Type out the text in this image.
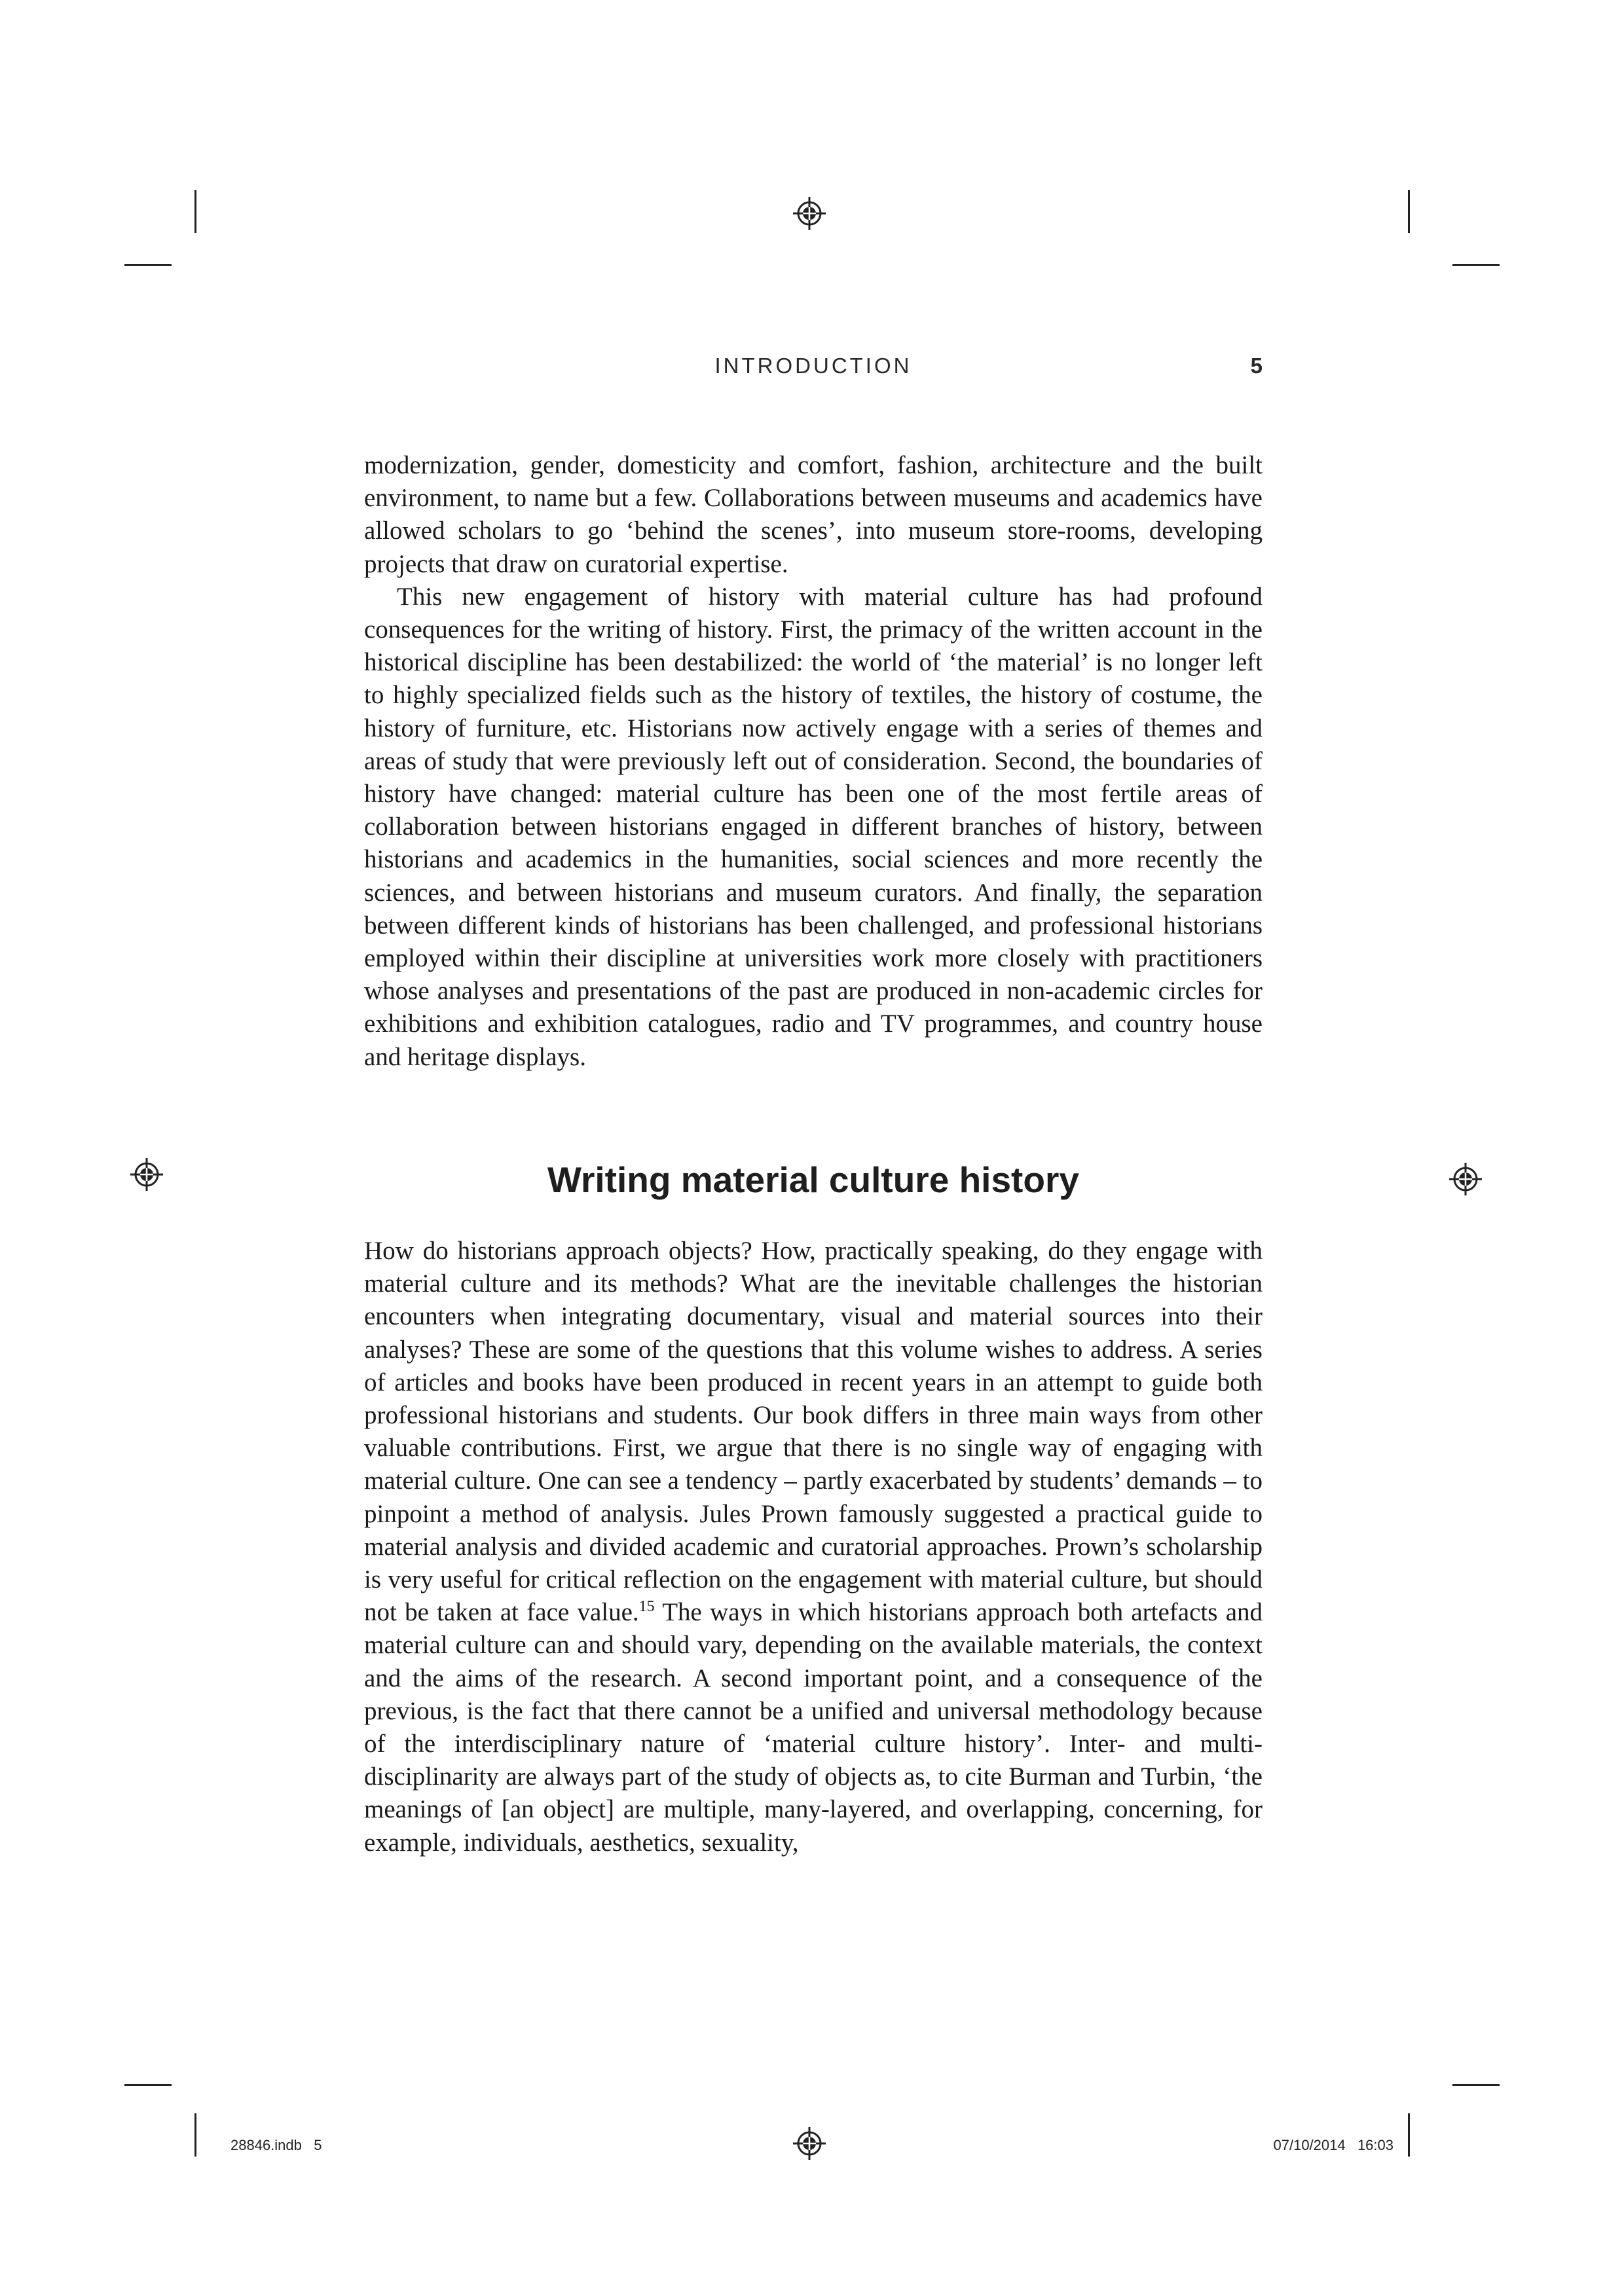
INTRODUCTION	5

modernization, gender, domesticity and comfort, fashion, architecture and the built environment, to name but a few. Collaborations between museums and academics have allowed scholars to go ‘behind the scenes’, into museum store-rooms, developing projects that draw on curatorial expertise.

This new engagement of history with material culture has had profound consequences for the writing of history. First, the primacy of the written account in the historical discipline has been destabilized: the world of ‘the material’ is no longer left to highly specialized fields such as the history of textiles, the history of costume, the history of furniture, etc. Historians now actively engage with a series of themes and areas of study that were previously left out of consideration. Second, the boundaries of history have changed: material culture has been one of the most fertile areas of collaboration between historians engaged in different branches of history, between historians and academics in the humanities, social sciences and more recently the sciences, and between historians and museum curators. And finally, the separation between different kinds of historians has been challenged, and professional historians employed within their discipline at universities work more closely with practitioners whose analyses and presentations of the past are produced in non-academic circles for exhibitions and exhibition catalogues, radio and TV programmes, and country house and heritage displays.

Writing material culture history

How do historians approach objects? How, practically speaking, do they engage with material culture and its methods? What are the inevitable challenges the historian encounters when integrating documentary, visual and material sources into their analyses? These are some of the questions that this volume wishes to address. A series of articles and books have been produced in recent years in an attempt to guide both professional historians and students. Our book differs in three main ways from other valuable contributions. First, we argue that there is no single way of engaging with material culture. One can see a tendency – partly exacerbated by students’ demands – to pinpoint a method of analysis. Jules Prown famously suggested a practical guide to material analysis and divided academic and curatorial approaches. Prown’s scholarship is very useful for critical reflection on the engagement with material culture, but should not be taken at face value.$^{15}$ The ways in which historians approach both artefacts and material culture can and should vary, depending on the available materials, the context and the aims of the research. A second important point, and a consequence of the previous, is the fact that there cannot be a unified and universal methodology because of the interdisciplinary nature of ‘material culture history’. Inter- and multi-disciplinarity are always part of the study of objects as, to cite Burman and Turbin, ‘the meanings of [an object] are multiple, many-layered, and overlapping, concerning, for example, individuals, aesthetics, sexuality,

28846.indb   5	07/10/2014   16:03
